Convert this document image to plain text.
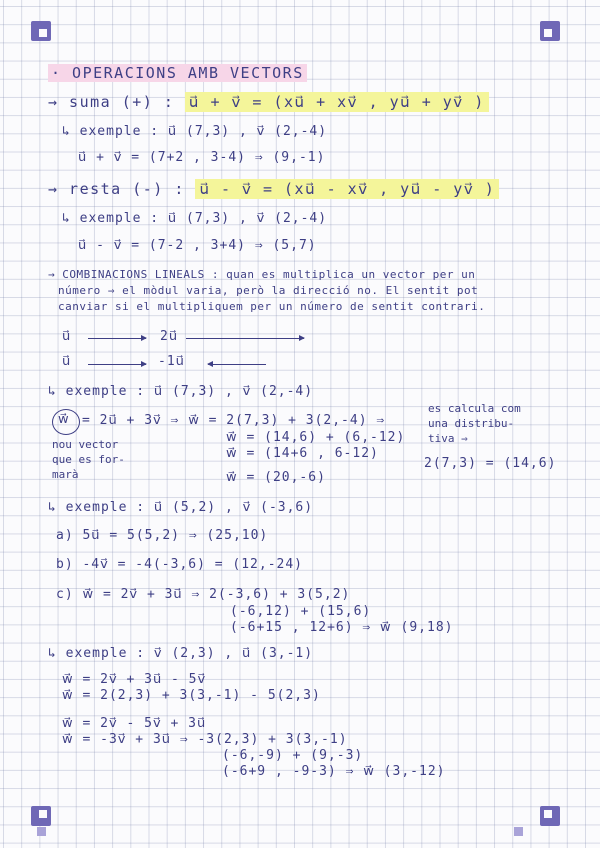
· OPERACIONS AMB VECTORS
→ suma (+) : u⃗ + v⃗ = (xu⃗ + xv⃗ , yu⃗ + yv⃗ )
↳ exemple : u⃗ (7,3) , v⃗ (2,-4)
u⃗ + v⃗ = (7+2 , 3-4) ⇒ (9,-1)
→ resta (-) : u⃗ - v⃗ = (xu⃗ - xv⃗ , yu⃗ - yv⃗ )
↳ exemple : u⃗ (7,3) , v⃗ (2,-4)
u⃗ - v⃗ = (7-2 , 3+4) ⇒ (5,7)
→ COMBINACIONS LINEALS : quan es multiplica un vector per un
número ⇒ el mòdul varia, però la direcció no. El sentit pot
canviar si el multipliquem per un número de sentit contrari.
u⃗	2u⃗
u⃗	-1u⃗
↳ exemple : u⃗ (7,3) , v⃗ (2,-4)
w⃗ = 2u⃗ + 3v⃗ ⇒ w⃗ = 2(7,3) + 3(2,-4) ⇒
w⃗ = (14,6) + (6,-12)
w⃗ = (14+6 , 6-12)
w⃗ = (20,-6)
nou vector
que es for-
marà
es calcula com
una distribu-
tiva ⇒
2(7,3) = (14,6)
↳ exemple : u⃗ (5,2) , v⃗ (-3,6)
a) 5u⃗ = 5(5,2) ⇒ (25,10)
b) -4v⃗ = -4(-3,6) = (12,-24)
c) w⃗ = 2v⃗ + 3u⃗ ⇒ 2(-3,6) + 3(5,2)
(-6,12) + (15,6)
(-6+15 , 12+6) ⇒ w⃗ (9,18)
↳ exemple : v⃗ (2,3) , u⃗ (3,-1)
w⃗ = 2v⃗ + 3u⃗ - 5v⃗
w⃗ = 2(2,3) + 3(3,-1) - 5(2,3)
w⃗ = 2v⃗ - 5v⃗ + 3u⃗
w⃗ = -3v⃗ + 3u⃗ ⇒ -3(2,3) + 3(3,-1)
(-6,-9) + (9,-3)
(-6+9 , -9-3) ⇒ w⃗ (3,-12)
